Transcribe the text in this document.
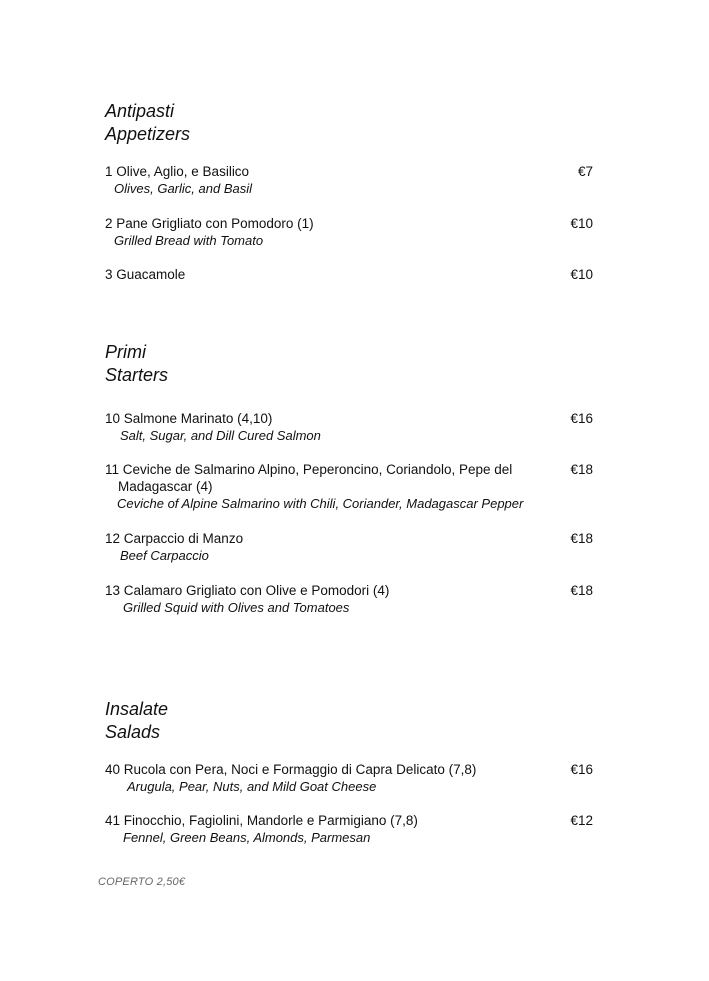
Antipasti
Appetizers
1 Olive, Aglio, e Basilico
Olives, Garlic, and Basil
€7
2 Pane Grigliato con Pomodoro (1)
Grilled Bread with Tomato
€10
3 Guacamole	€10
Primi
Starters
10 Salmone Marinato (4,10)
Salt, Sugar, and Dill Cured Salmon
€16
11 Ceviche de Salmarino Alpino, Peperoncino, Coriandolo, Pepe del
Madagascar (4)
Ceviche of Alpine Salmarino with Chili, Coriander, Madagascar Pepper
€18
12 Carpaccio di Manzo
Beef Carpaccio
€18
13 Calamaro Grigliato con Olive e Pomodori (4)
Grilled Squid with Olives and Tomatoes
€18
Insalate
Salads
40 Rucola con Pera, Noci e Formaggio di Capra Delicato (7,8)
Arugula, Pear, Nuts, and Mild Goat Cheese
€16
41 Finocchio, Fagiolini, Mandorle e Parmigiano (7,8)
Fennel, Green Beans, Almonds, Parmesan
€12
COPERTO 2,50€
